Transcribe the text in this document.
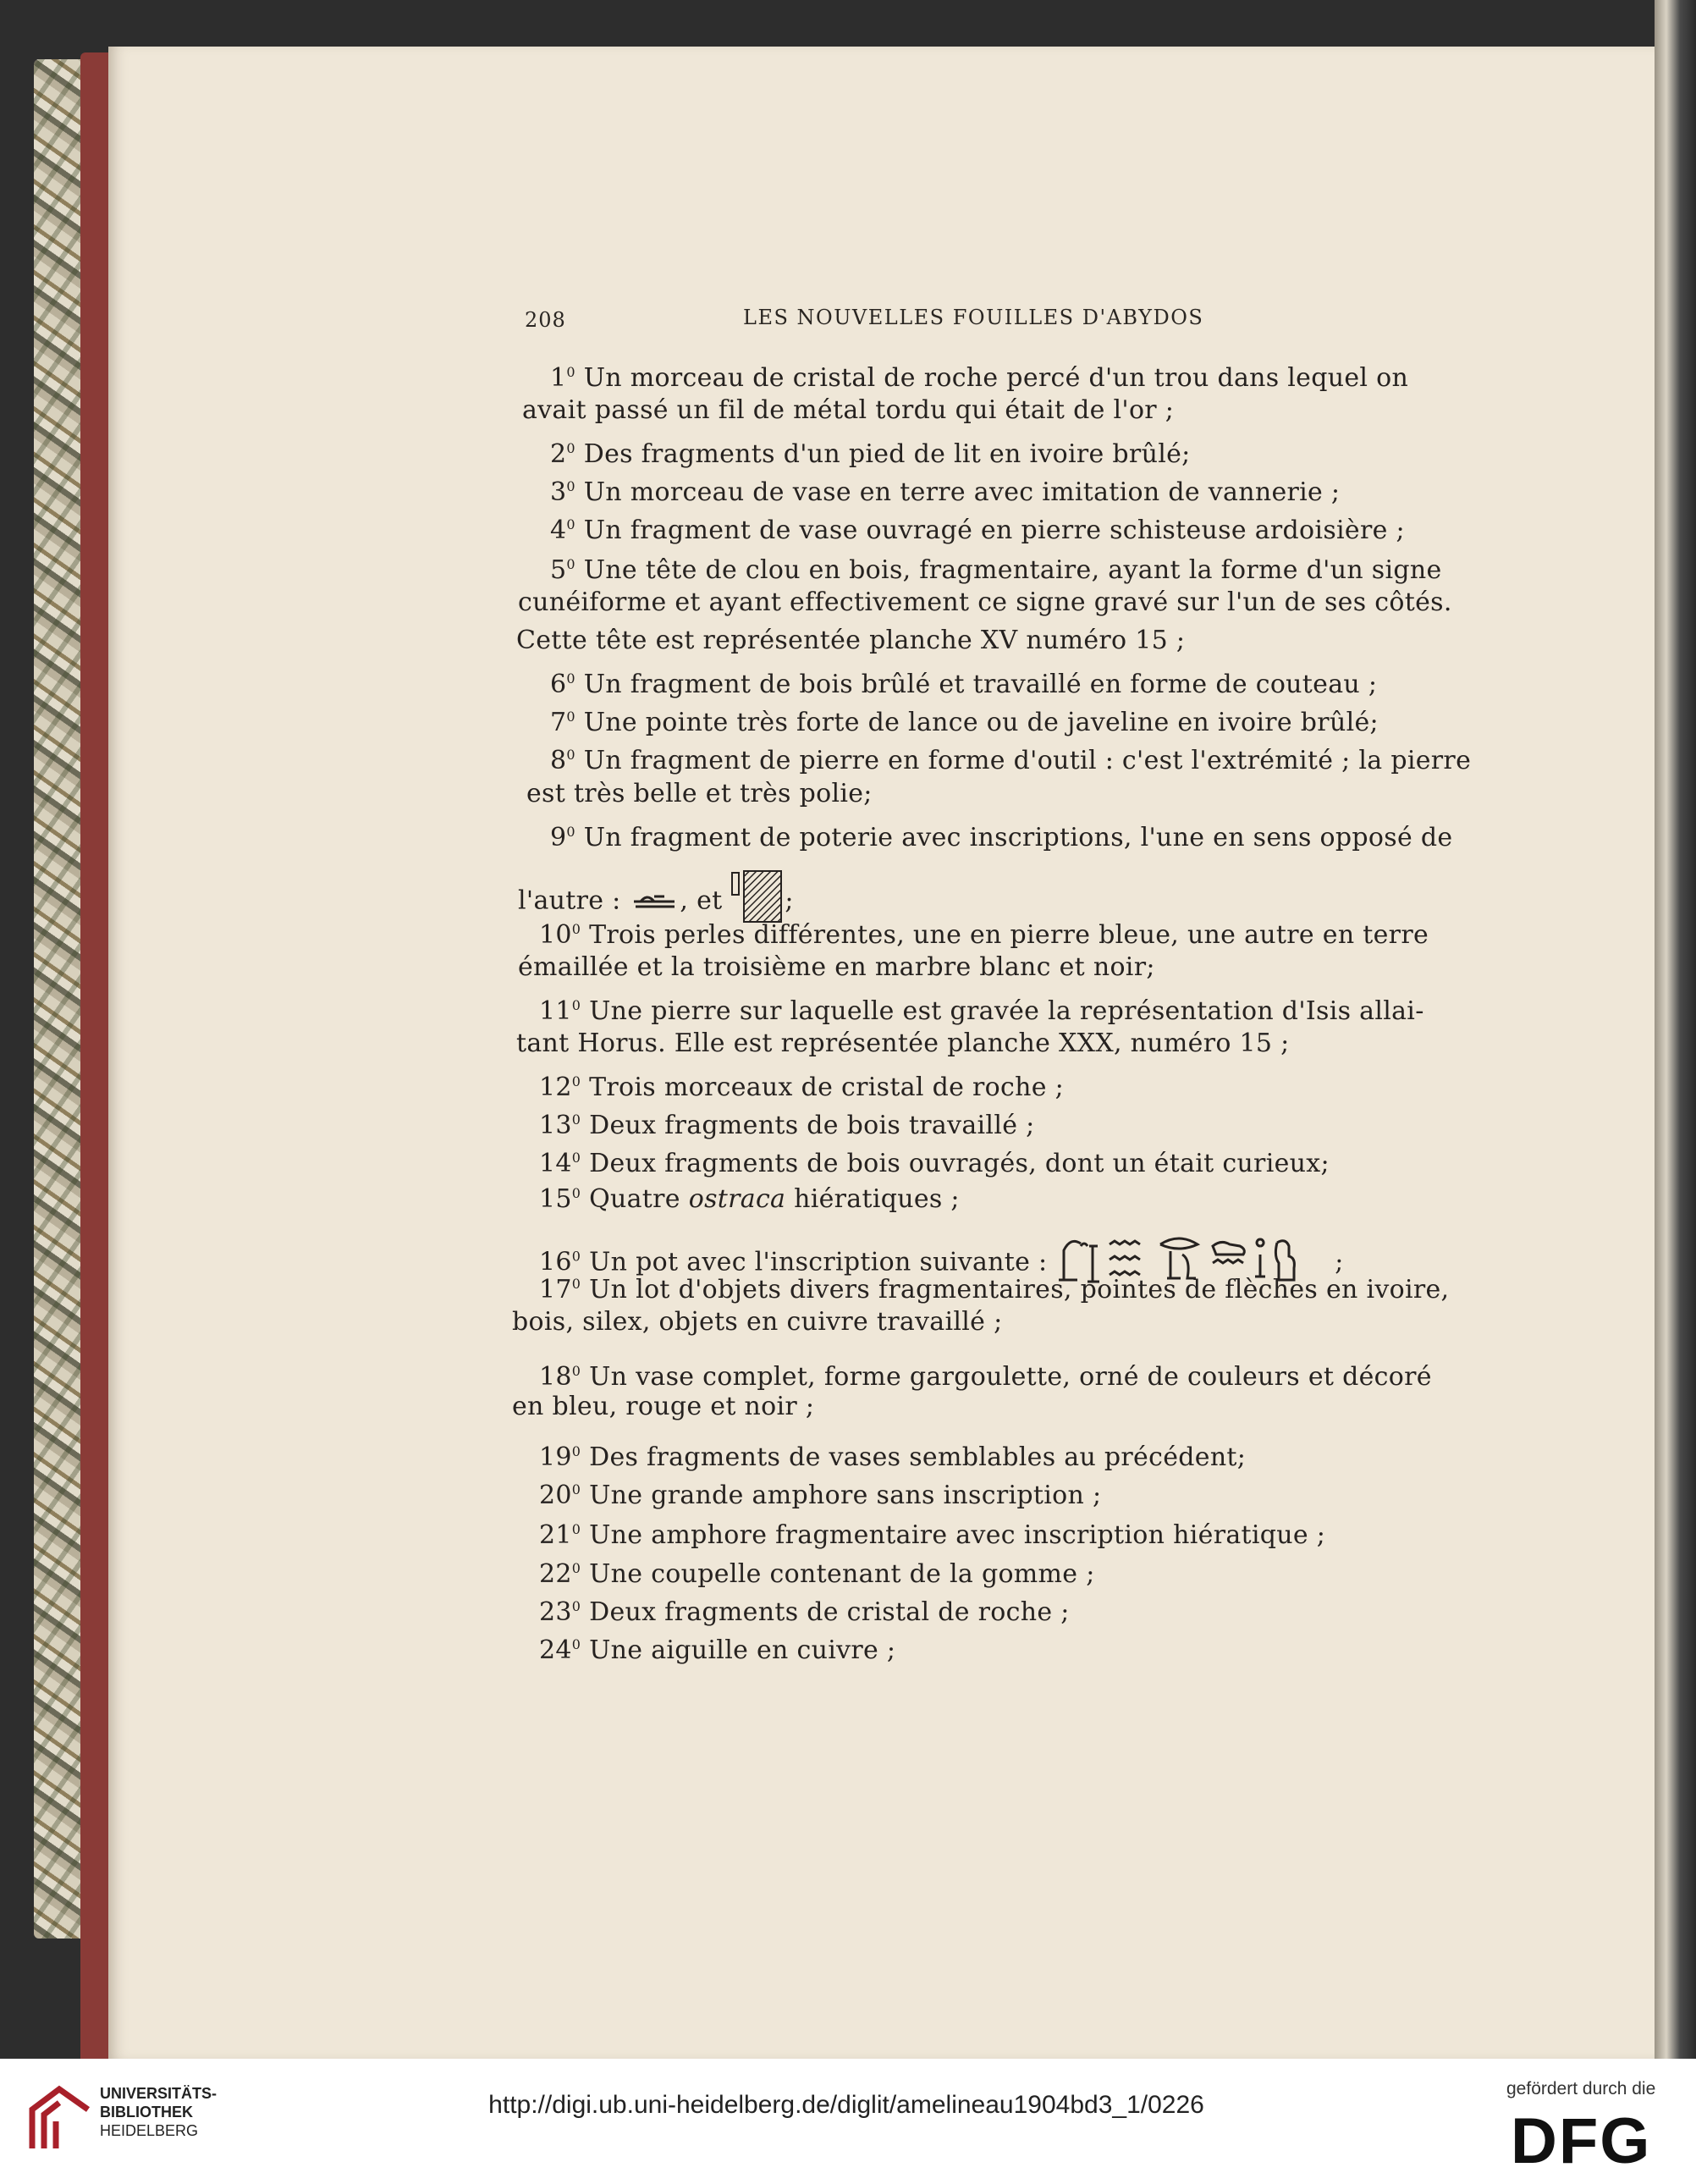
208	LES NOUVELLES FOUILLES D'ABYDOS
$1^0$ Un morceau de cristal de roche percé d'un trou dans lequel on
avait passé un fil de métal tordu qui était de l'or ;
$2^0$ Des fragments d'un pied de lit en ivoire brûlé;
$3^0$ Un morceau de vase en terre avec imitation de vannerie ;
$4^0$ Un fragment de vase ouvragé en pierre schisteuse ardoisière ;
$5^0$ Une tête de clou en bois, fragmentaire, ayant la forme d'un signe
cunéiforme et ayant effectivement ce signe gravé sur l'un de ses côtés.
Cette tête est représentée planche XV numéro 15 ;
$6^0$ Un fragment de bois brûlé et travaillé en forme de couteau ;
$7^0$ Une pointe très forte de lance ou de javeline en ivoire brûlé;
$8^0$ Un fragment de pierre en forme d'outil : c'est l'extrémité ; la pierre
est très belle et très polie;
$9^0$ Un fragment de poterie avec inscriptions, l'une en sens opposé de
l'autre : , et ;
$10^0$ Trois perles différentes, une en pierre bleue, une autre en terre
émaillée et la troisième en marbre blanc et noir;
$11^0$ Une pierre sur laquelle est gravée la représentation d'Isis allai-
tant Horus. Elle est représentée planche XXX, numéro 15 ;
$12^0$ Trois morceaux de cristal de roche ;
$13^0$ Deux fragments de bois travaillé ;
$14^0$ Deux fragments de bois ouvragés, dont un était curieux;
$15^0$ Quatre ostraca hiératiques ;
$16^0$ Un pot avec l'inscription suivante :	;
$17^0$ Un lot d'objets divers fragmentaires, pointes de flèches en ivoire,
bois, silex, objets en cuivre travaillé ;
$18^0$ Un vase complet, forme gargoulette, orné de couleurs et décoré
en bleu, rouge et noir ;
$19^0$ Des fragments de vases semblables au précédent;
$20^0$ Une grande amphore sans inscription ;
$21^0$ Une amphore fragmentaire avec inscription hiératique ;
$22^0$ Une coupelle contenant de la gomme ;
$23^0$ Deux fragments de cristal de roche ;
$24^0$ Une aiguille en cuivre ;
UNIVERSITÄTS-
BIBLIOTHEK
HEIDELBERG
http://digi.ub.uni-heidelberg.de/diglit/amelineau1904bd3_1/0226
gefördert durch die
DFG
